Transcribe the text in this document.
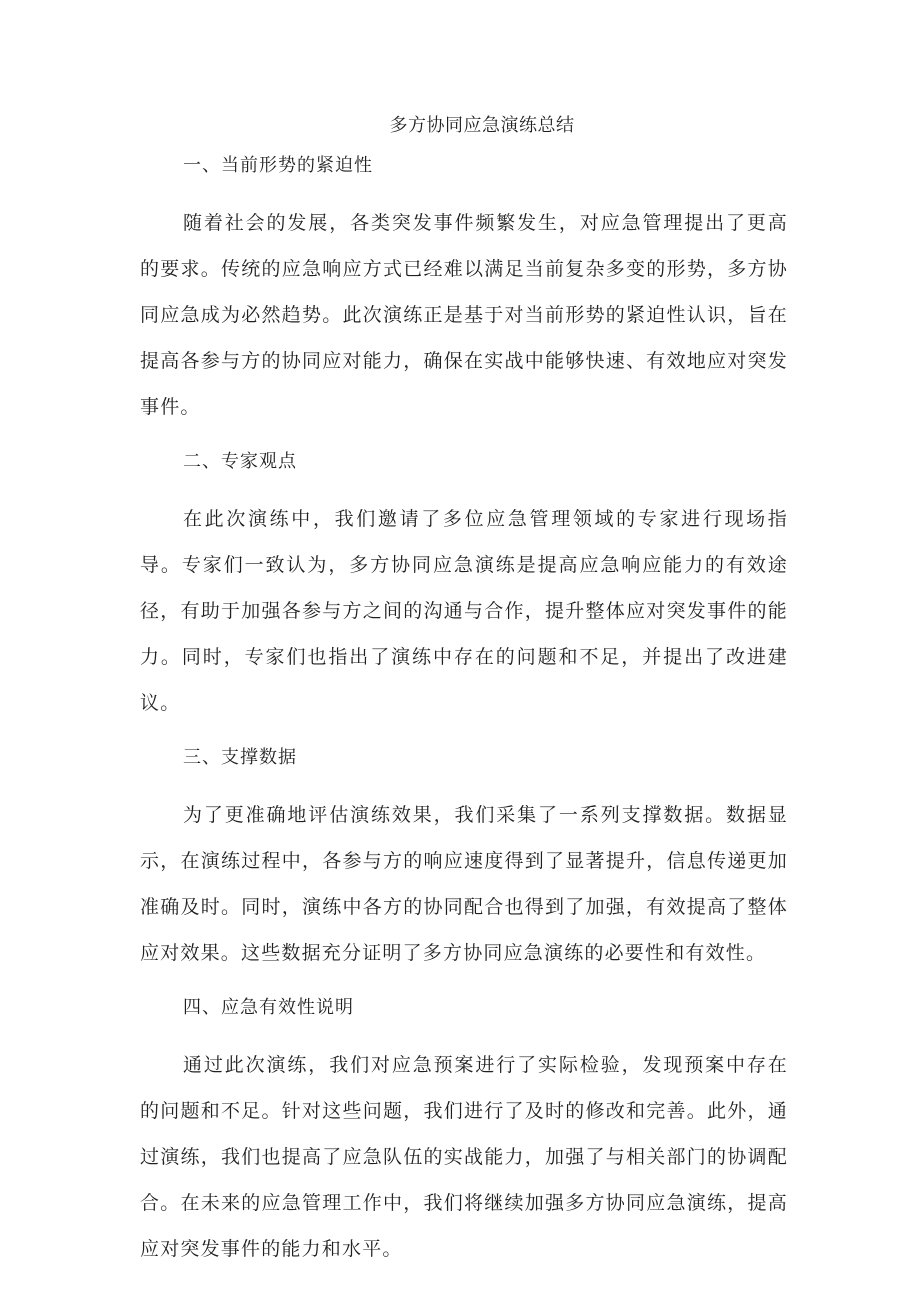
多方协同应急演练总结
一、当前形势的紧迫性

随着社会的发展，各类突发事件频繁发生，对应急管理提出了更高的要求。传统的应急响应方式已经难以满足当前复杂多变的形势，多方协同应急成为必然趋势。此次演练正是基于对当前形势的紧迫性认识，旨在提高各参与方的协同应对能力，确保在实战中能够快速、有效地应对突发事件。

二、专家观点

在此次演练中，我们邀请了多位应急管理领域的专家进行现场指导。专家们一致认为，多方协同应急演练是提高应急响应能力的有效途径，有助于加强各参与方之间的沟通与合作，提升整体应对突发事件的能力。同时，专家们也指出了演练中存在的问题和不足，并提出了改进建议。

三、支撑数据

为了更准确地评估演练效果，我们采集了一系列支撑数据。数据显示，在演练过程中，各参与方的响应速度得到了显著提升，信息传递更加准确及时。同时，演练中各方的协同配合也得到了加强，有效提高了整体应对效果。这些数据充分证明了多方协同应急演练的必要性和有效性。

四、应急有效性说明

通过此次演练，我们对应急预案进行了实际检验，发现预案中存在的问题和不足。针对这些问题，我们进行了及时的修改和完善。此外，通过演练，我们也提高了应急队伍的实战能力，加强了与相关部门的协调配合。在未来的应急管理工作中，我们将继续加强多方协同应急演练，提高应对突发事件的能力和水平。
